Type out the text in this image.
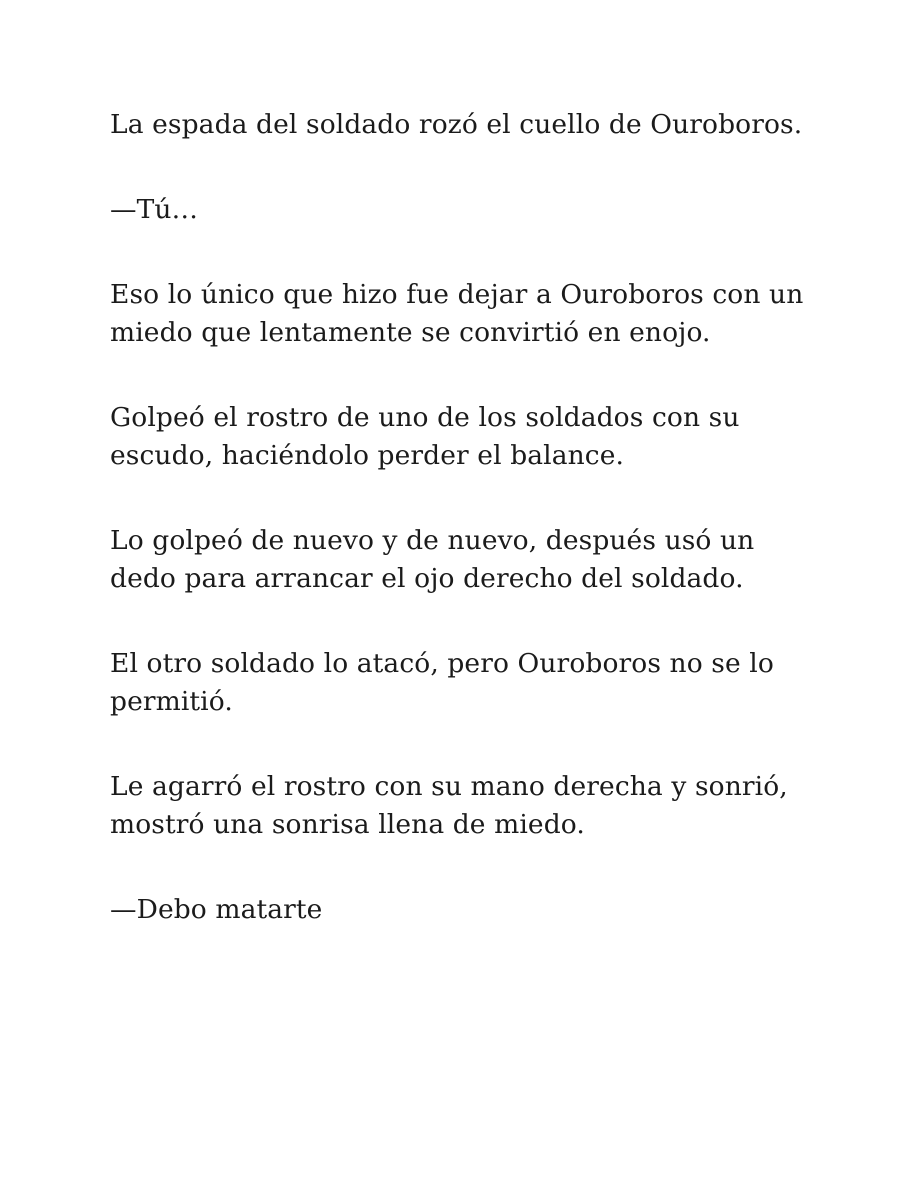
La espada del soldado rozó el cuello de Ouroboros.

—Tú…

Eso lo único que hizo fue dejar a Ouroboros con un miedo que lentamente se convirtió en enojo.

Golpeó el rostro de uno de los soldados con su escudo, haciéndolo perder el balance.

Lo golpeó de nuevo y de nuevo, después usó un dedo para arrancar el ojo derecho del soldado.

El otro soldado lo atacó, pero Ouroboros no se lo permitió.

Le agarró el rostro con su mano derecha y sonrió, mostró una sonrisa llena de miedo.

—Debo matarte
